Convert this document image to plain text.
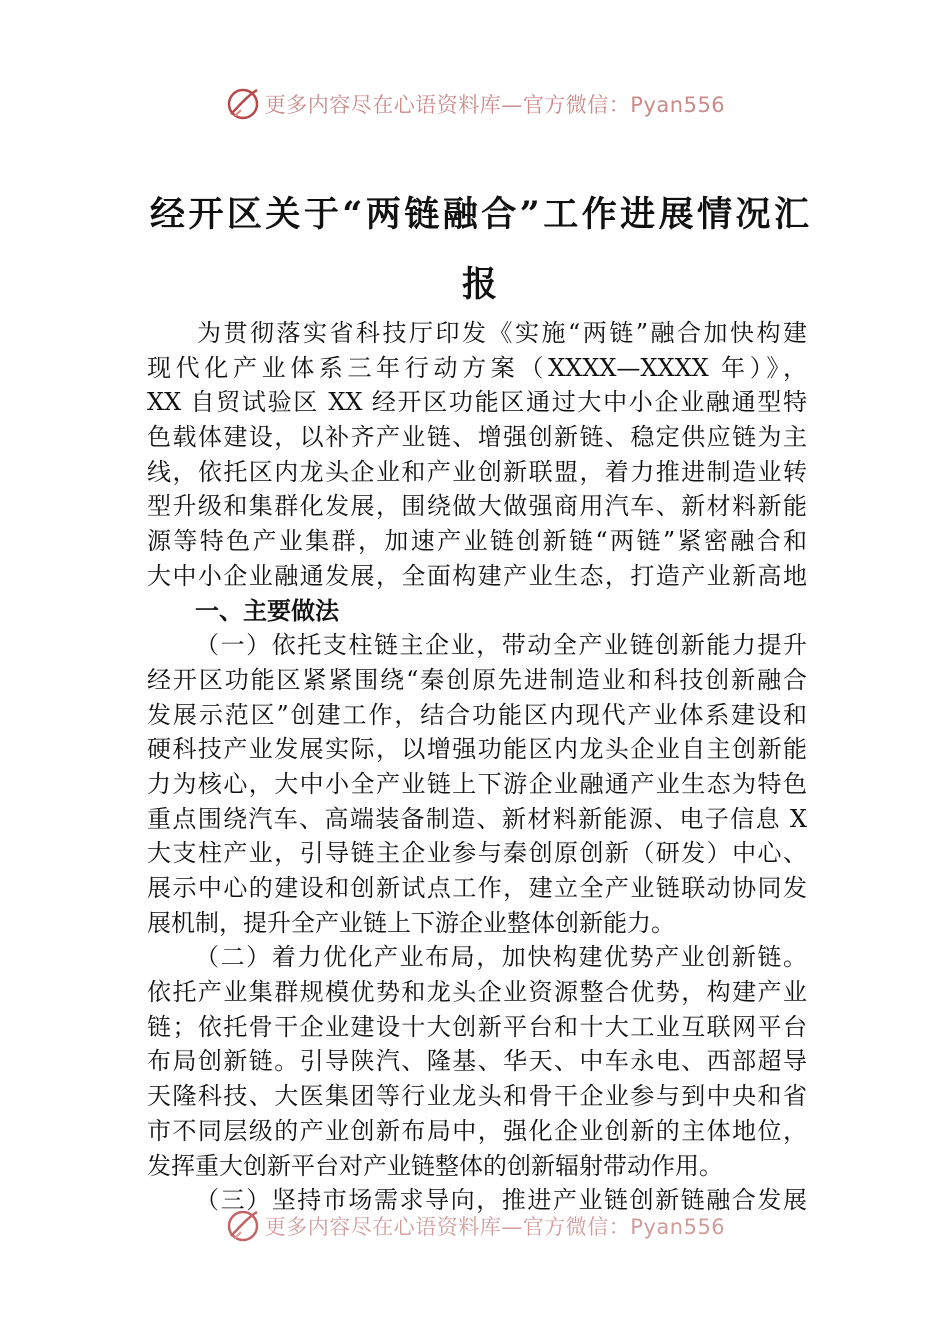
更多内容尽在心语资料库—官方微信：Pyan556
经开区关于“两链融合”工作进展情况汇
报
为贯彻落实省科技厅印发《实施“两链”融合加快构建
现代化产业体系三年行动方案（XXXX—XXXX 年）》，
XX 自贸试验区 XX 经开区功能区通过大中小企业融通型特
色载体建设，以补齐产业链、增强创新链、稳定供应链为主
线，依托区内龙头企业和产业创新联盟，着力推进制造业转
型升级和集群化发展，围绕做大做强商用汽车、新材料新能
源等特色产业集群，加速产业链创新链“两链”紧密融合和
大中小企业融通发展，全面构建产业生态，打造产业新高地
一、主要做法
（一）依托支柱链主企业，带动全产业链创新能力提升
经开区功能区紧紧围绕“秦创原先进制造业和科技创新融合
发展示范区”创建工作，结合功能区内现代产业体系建设和
硬科技产业发展实际，以增强功能区内龙头企业自主创新能
力为核心，大中小全产业链上下游企业融通产业生态为特色
重点围绕汽车、高端装备制造、新材料新能源、电子信息 X
大支柱产业，引导链主企业参与秦创原创新（研发）中心、
展示中心的建设和创新试点工作，建立全产业链联动协同发
展机制，提升全产业链上下游企业整体创新能力。
（二）着力优化产业布局，加快构建优势产业创新链。
依托产业集群规模优势和龙头企业资源整合优势，构建产业
链；依托骨干企业建设十大创新平台和十大工业互联网平台
布局创新链。引导陕汽、隆基、华天、中车永电、西部超导
天隆科技、大医集团等行业龙头和骨干企业参与到中央和省
市不同层级的产业创新布局中，强化企业创新的主体地位，
发挥重大创新平台对产业链整体的创新辐射带动作用。
（三）坚持市场需求导向，推进产业链创新链融合发展
更多内容尽在心语资料库—官方微信：Pyan556
